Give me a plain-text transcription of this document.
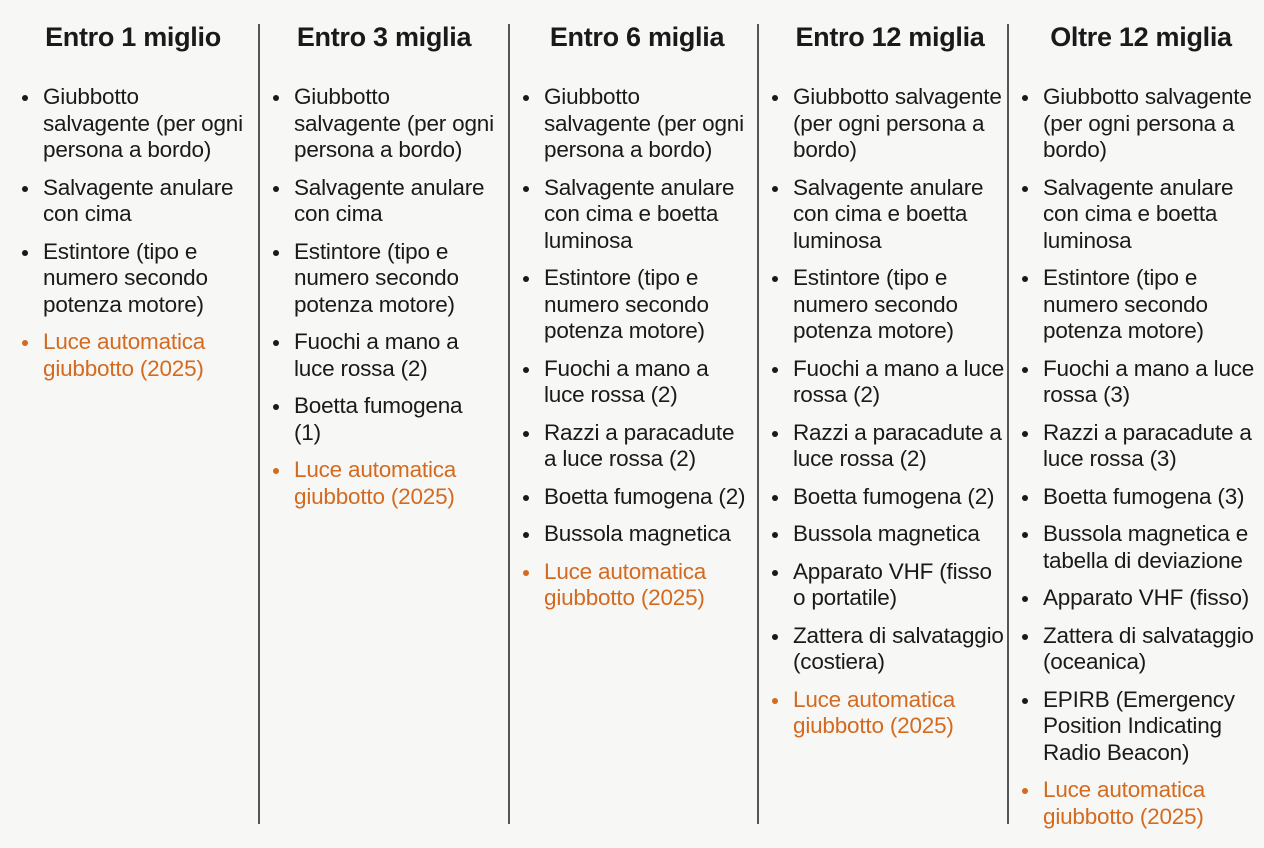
Entro 1 miglio
Giubbotto salvagente (per ogni persona a bordo)
Salvagente anulare con cima
Estintore (tipo e numero secondo potenza motore)
Luce automatica giubbotto (2025)
Entro 3 miglia
Giubbotto salvagente (per ogni persona a bordo)
Salvagente anulare con cima
Estintore (tipo e numero secondo potenza motore)
Fuochi a mano a luce rossa (2)
Boetta fumogena (1)
Luce automatica giubbotto (2025)
Entro 6 miglia
Giubbotto salvagente (per ogni persona a bordo)
Salvagente anulare con cima e boetta luminosa
Estintore (tipo e numero secondo potenza motore)
Fuochi a mano a luce rossa (2)
Razzi a paracadute a luce rossa (2)
Boetta fumogena (2)
Bussola magnetica
Luce automatica giubbotto (2025)
Entro 12 miglia
Giubbotto salvagente (per ogni persona a bordo)
Salvagente anulare con cima e boetta luminosa
Estintore (tipo e numero secondo potenza motore)
Fuochi a mano a luce rossa (2)
Razzi a paracadute a luce rossa (2)
Boetta fumogena (2)
Bussola magnetica
Apparato VHF (fisso o portatile)
Zattera di salvataggio (costiera)
Luce automatica giubbotto (2025)
Oltre 12 miglia
Giubbotto salvagente (per ogni persona a bordo)
Salvagente anulare con cima e boetta luminosa
Estintore (tipo e numero secondo potenza motore)
Fuochi a mano a luce rossa (3)
Razzi a paracadute a luce rossa (3)
Boetta fumogena (3)
Bussola magnetica e tabella di deviazione
Apparato VHF (fisso)
Zattera di salvataggio (oceanica)
EPIRB (Emergency Position Indicating Radio Beacon)
Luce automatica giubbotto (2025)
